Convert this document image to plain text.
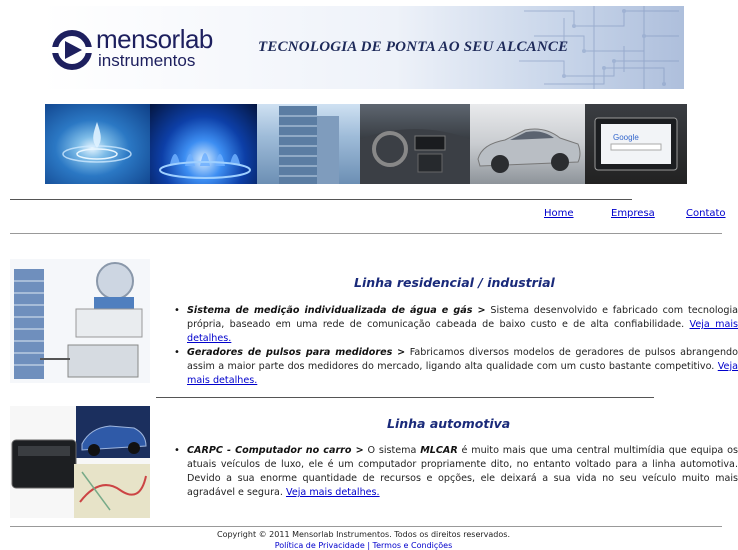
mensorlab
instrumentos
TECNOLOGIA DE PONTA AO SEU ALCANCE
Google
Home	Empresa	Contato
Linha residencial / industrial
• Sistema de medição individualizada de água e gás > Sistema desenvolvido e fabricado com tecnologia própria, baseado em uma rede de comunicação cabeada de baixo custo e de alta confiabilidade. Veja mais detalhes.
• Geradores de pulsos para medidores > Fabricamos diversos modelos de geradores de pulsos abrangendo assim a maior parte dos medidores do mercado, ligando alta qualidade com um custo bastante competitivo. Veja mais detalhes.
Linha automotiva
• CARPC - Computador no carro > O sistema MLCAR é muito mais que uma central multimídia que equipa os atuais veículos de luxo, ele é um computador propriamente dito, no entanto voltado para a linha automotiva. Devido a sua enorme quantidade de recursos e opções, ele deixará a sua vida no seu veículo muito mais agradável e segura. Veja mais detalhes.
Copyright © 2011 Mensorlab Instrumentos. Todos os direitos reservados.
Política de Privacidade | Termos e Condições
